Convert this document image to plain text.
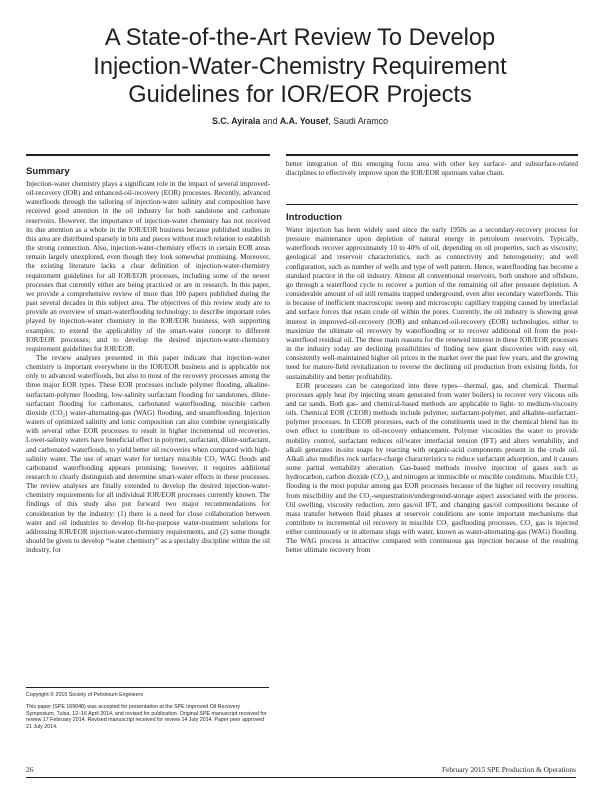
A State-of-the-Art Review To Develop
Injection-Water-Chemistry Requirement
Guidelines for IOR/EOR Projects
S.C. Ayirala and A.A. Yousef, Saudi Aramco
Summary

Injection-water chemistry plays a significant role in the impact of several improved-oil-recovery (IOR) and enhanced-oil-recovery (EOR) processes. Recently, advanced waterfloods through the tailoring of injection-water salinity and composition have received good attention in the oil industry for both sandstone and carbonate reservoirs. However, the importance of injection-water chemistry has not received its due attention as a whole in the IOR/EOR business because published studies in this area are distributed sparsely in bits and pieces without much relation to establish the strong connection. Also, injection-water-chemistry effects in certain EOR areas remain largely unexplored, even though they look somewhat promising. Moreover, the existing literature lacks a clear definition of injection-water-chemistry requirement guidelines for all IOR/EOR processes, including some of the newer processes that currently either are being practiced or are in research. In this paper, we provide a comprehensive review of more than 100 papers published during the past several decades in this subject area. The objectives of this review study are to provide an overview of smart-waterflooding technology; to describe important roles played by injection-water chemistry in the IOR/EOR business, with supporting examples; to extend the applicability of the smart-water concept to different IOR/EOR processes; and to develop the desired injection-water-chemistry requirement guidelines for IOR/EOR.

The review analyses presented in this paper indicate that injection-water chemistry is important everywhere in the IOR/EOR business and is applicable not only to advanced waterfloods, but also to most of the recovery processes among the three major EOR types. These EOR processes include polymer flooding, alkaline-surfactant-polymer flooding, low-salinity surfactant flooding for sandstones, dilute-surfactant flooding for carbonates, carbonated waterflooding, miscible carbon dioxide (CO₂) water-alternating-gas (WAG) flooding, and steamflooding. Injection waters of optimized salinity and ionic composition can also combine synergistically with several other EOR processes to result in higher incremental oil recoveries. Lower-salinity waters have beneficial effect in polymer, surfactant, dilute-surfactant, and carbonated waterfloods, to yield better oil recoveries when compared with high-salinity water. The use of smart water for tertiary miscible CO₂ WAG floods and carbonated waterflooding appears promising; however, it requires additional research to clearly distinguish and determine smart-water effects in these processes. The review analyses are finally extended to develop the desired injection-water-chemistry requirements for all individual IOR/EOR processes currently known. The findings of this study also put forward two major recommendations for consideration by the industry: (1) there is a need for close collaboration between water and oil industries to develop fit-for-purpose water-treatment solutions for addressing IOR/EOR injection-water-chemistry requirements, and (2) some thought should be given to develop “water chemistry” as a specialty discipline within the oil industry, for

better integration of this emerging focus area with other key surface- and subsurface-related disciplines to effectively improve upon the IOR/EOR upstream value chain.

Introduction

Water injection has been widely used since the early 1950s as a secondary-recovery process for pressure maintenance upon depletion of natural energy in petroleum reservoirs. Typically, waterfloods recover approximately 10 to 40% of oil, depending on oil properties, such as viscosity; geological and reservoir characteristics, such as connectivity and heterogeneity; and well configuration, such as number of wells and type of well pattern. Hence, waterflooding has become a standard practice in the oil industry. Almost all conventional reservoirs, both onshore and offshore, go through a waterflood cycle to recover a portion of the remaining oil after pressure depletion. A considerable amount of oil still remains trapped underground, even after secondary waterfloods. This is because of inefficient macroscopic sweep and microscopic capillary trapping caused by interfacial and surface forces that retain crude oil within the pores. Currently, the oil industry is showing great interest in improved-oil-recovery (IOR) and enhanced-oil-recovery (EOR) technologies, either to maximize the ultimate oil recovery by waterflooding or to recover additional oil from the post-waterflood residual oil. The three main reasons for the renewed interest in these IOR/EOR processes in the industry today are declining possibilities of finding new giant discoveries with easy oil, consistently well-maintained higher oil prices in the market over the past few years, and the growing need for mature-field revitalization to reverse the declining oil production from existing fields, for sustainability and better profitability.

EOR processes can be categorized into three types—thermal, gas, and chemical. Thermal processes apply heat (by injecting steam generated from water boilers) to recover very viscous oils and tar sands. Both gas- and chemical-based methods are applicable to light- to medium-viscosity oils. Chemical EOR (CEOR) methods include polymer, surfactant-polymer, and alkaline-surfactant-polymer processes. In CEOR processes, each of the constituents used in the chemical blend has its own effect to contribute to oil-recovery enhancement. Polymer viscosities the water to provide mobility control, surfactant reduces oil/water interfacial tension (IFT) and alters wettability, and alkali generates in-situ soaps by reacting with organic-acid components present in the crude oil. Alkali also modifies rock surface-charge characteristics to reduce surfactant adsorption, and it causes some partial wettability alteration. Gas-based methods involve injection of gases such as hydrocarbon, carbon dioxide (CO₂), and nitrogen at immiscible or miscible conditions. Miscible CO₂ flooding is the most popular among gas EOR processes because of the higher oil recovery resulting from miscibility and the CO₂-sequestration/underground-storage aspect associated with the process. Oil swelling, viscosity reduction, zero gas/oil IFT, and changing gas/oil compositions because of mass transfer between fluid phases at reservoir conditions are some important mechanisms that contribute to incremental oil recovery in miscible CO₂ gasflooding processes. CO₂ gas is injected either continuously or in alternate slugs with water, known as water-alternating-gas (WAG) flooding. The WAG process is attractive compared with continuous gas injection because of the resulting better ultimate recovery from

Copyright © 2015 Society of Petroleum Engineers
This paper (SPE 169048) was accepted for presentation at the SPE Improved Oil Recovery Symposium, Tulsa, 12–16 April 2014, and revised for publication. Original SPE manuscript received for review 17 February 2014. Revised manuscript received for review 14 July 2014. Paper peer approved 21 July 2014.
26	February 2015 SPE Production & Operations
